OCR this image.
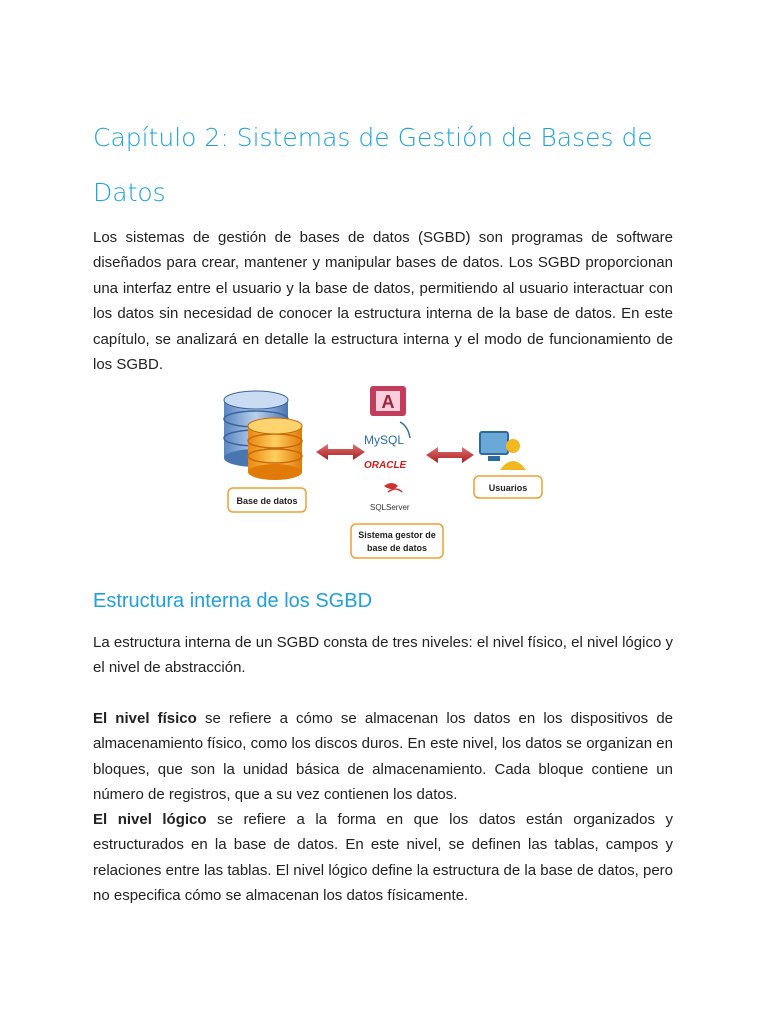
Capítulo 2: Sistemas de Gestión de Bases de Datos

Los sistemas de gestión de bases de datos (SGBD) son programas de software diseñados para crear, mantener y manipular bases de datos. Los SGBD proporcionan una interfaz entre el usuario y la base de datos, permitiendo al usuario interactuar con los datos sin necesidad de conocer la estructura interna de la base de datos. En este capítulo, se analizará en detalle la estructura interna y el modo de funcionamiento de los SGBD.

Base de datos
A
MySQL
ORACLE
SQLServer
Usuarios
Sistema gestor de
base de datos
Estructura interna de los SGBD

La estructura interna de un SGBD consta de tres niveles: el nivel físico, el nivel lógico y el nivel de abstracción.

El nivel físico se refiere a cómo se almacenan los datos en los dispositivos de almacenamiento físico, como los discos duros. En este nivel, los datos se organizan en bloques, que son la unidad básica de almacenamiento. Cada bloque contiene un número de registros, que a su vez contienen los datos.

El nivel lógico se refiere a la forma en que los datos están organizados y estructurados en la base de datos. En este nivel, se definen las tablas, campos y relaciones entre las tablas. El nivel lógico define la estructura de la base de datos, pero no especifica cómo se almacenan los datos físicamente.
